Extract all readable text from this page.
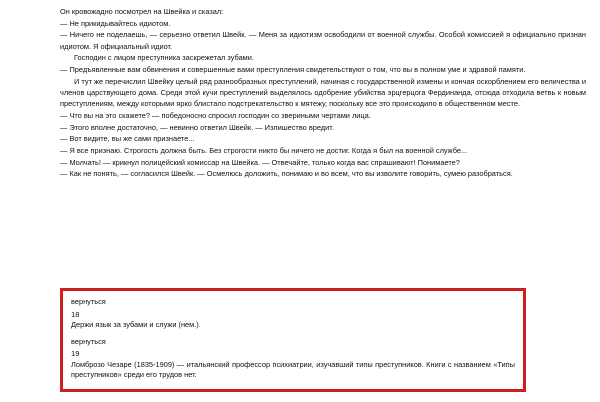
Он кровожадно посмотрел на Швейка и сказал:

— Не прикидывайтесь идиотом.

— Ничего не поделаешь, — серьезно ответил Швейк. — Меня за идиотизм освободили от военной службы. Особой комиссией я официально признан идиотом. Я официальный идиот.

Господин с лицом преступника заскрежетал зубами.

— Предъявленные вам обвинения и совершенные вами преступления свидетельствуют о том, что вы в полном уме и здравой памяти.

И тут же перечислил Швейку целый ряд разнообразных преступлений, начиная с государственной измены и кончая оскорблением его величества и членов царствующего дома. Среди этой кучи преступлений выделялось одобрение убийства эрцгерцога Фердинанда, отсюда отходила ветвь к новым преступлениям, между которыми ярко блистало подстрекательство к мятежу, поскольку все это происходило в общественном месте.

— Что вы на это скажете? — победоносно спросил господин со звериными чертами лица.

— Этого вполне достаточно, — невинно ответил Швейк. — Излишество вредит.

— Вот видите, вы же сами признаете...

— Я все признаю. Строгость должна быть. Без строгости никто бы ничего не достиг. Когда я был на военной службе...

— Молчать! — крикнул полицейский комиссар на Швейка. — Отвечайте, только когда вас спрашивают! Понимаете?

— Как не понять, — согласился Швейк. — Осмелюсь доложить, понимаю и во всем, что вы изволите говорить, сумею разобраться.

вернуться

18

Держи язык за зубами и служи (нем.).

вернуться

19

Ломброзо Чезаре (1835-1909) — итальянский профессор психиатрии, изучавший типы преступников. Книги с названием «Типы преступников» среди его трудов нет.
